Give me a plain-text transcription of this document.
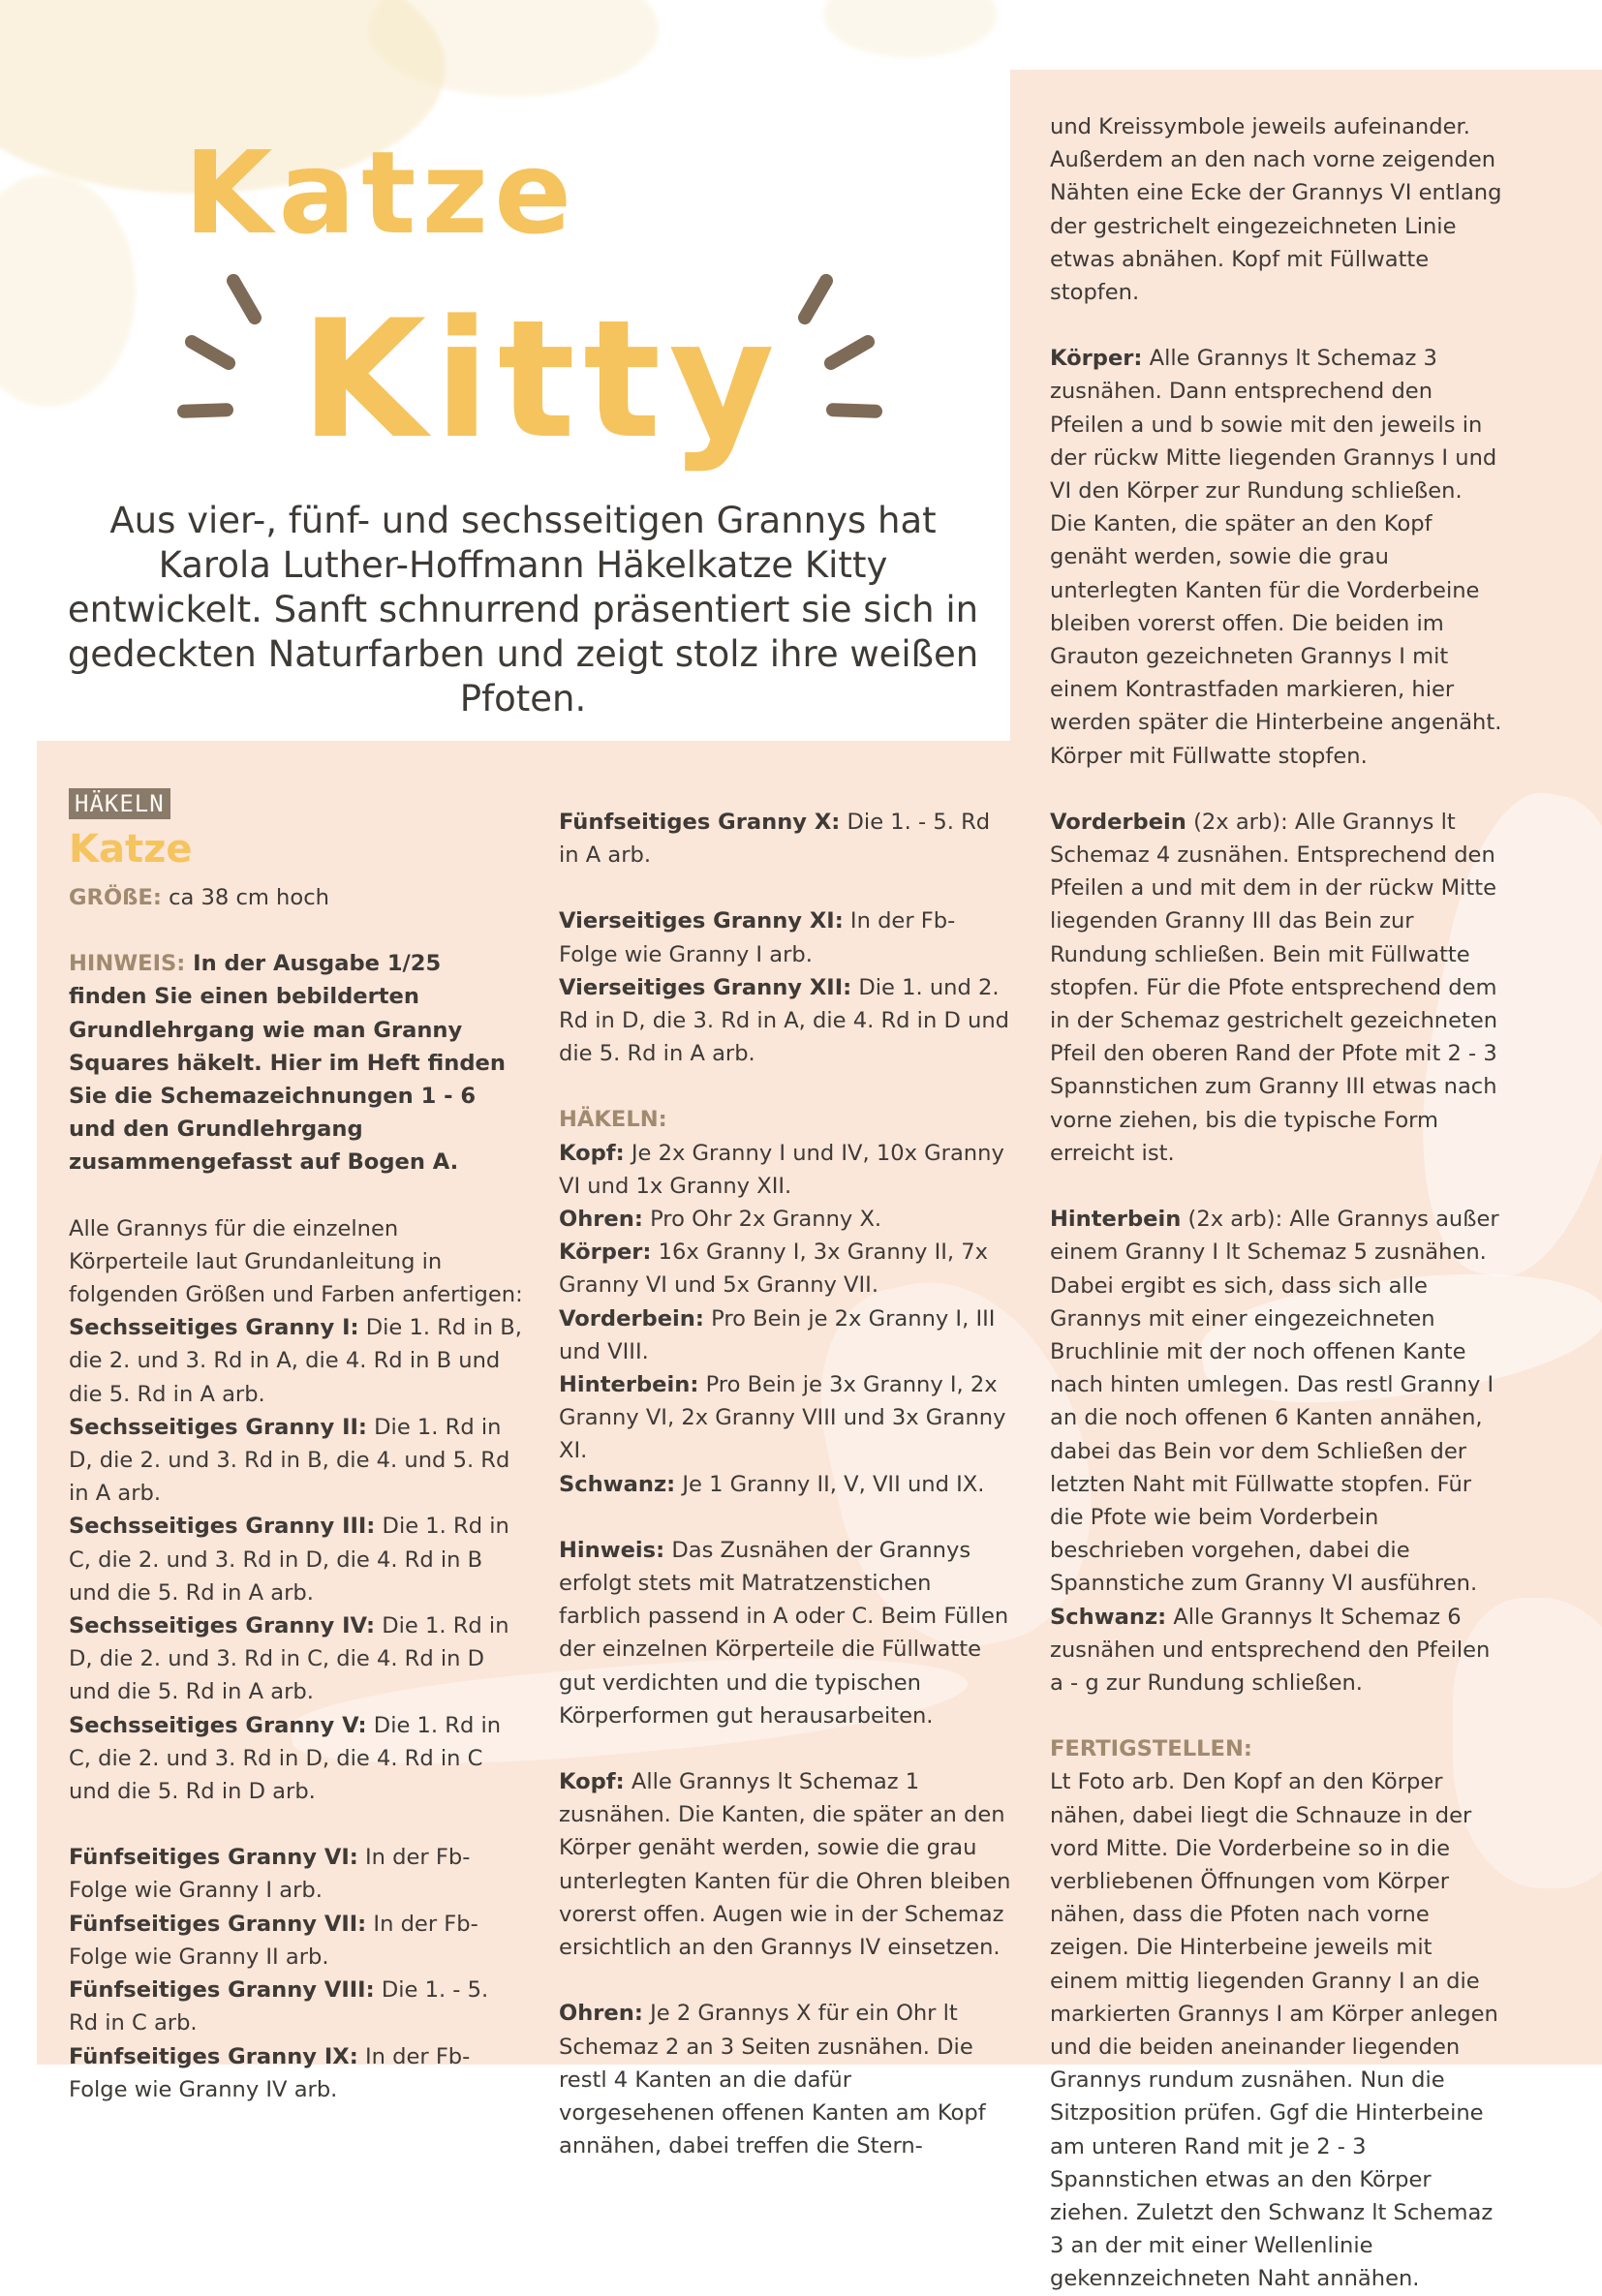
Katze
Kitty

Aus vier-, fünf- und sechsseitigen Grannys hat Karola Luther-Hoffmann Häkelkatze Kitty entwickelt. Sanft schnurrend präsentiert sie sich in gedeckten Naturfarben und zeigt stolz ihre weißen Pfoten.

HÄKELN
Katze

GRÖßE: ca 38 cm hoch

HINWEIS: In der Ausgabe 1/25 finden Sie einen bebilderten Grundlehrgang wie man Granny Squares häkelt. Hier im Heft finden Sie die Schemazeichnungen 1 - 6 und den Grundlehrgang zusammengefasst auf Bogen A.

Alle Grannys für die einzelnen Körperteile laut Grundanleitung in folgenden Größen und Farben anfertigen:

Sechsseitiges Granny I: Die 1. Rd in B, die 2. und 3. Rd in A, die 4. Rd in B und die 5. Rd in A arb.

Sechsseitiges Granny II: Die 1. Rd in D, die 2. und 3. Rd in B, die 4. und 5. Rd in A arb.

Sechsseitiges Granny III: Die 1. Rd in C, die 2. und 3. Rd in D, die 4. Rd in B und die 5. Rd in A arb.

Sechsseitiges Granny IV: Die 1. Rd in D, die 2. und 3. Rd in C, die 4. Rd in D und die 5. Rd in A arb.

Sechsseitiges Granny V: Die 1. Rd in C, die 2. und 3. Rd in D, die 4. Rd in C und die 5. Rd in D arb.

Fünfseitiges Granny VI: In der Fb-Folge wie Granny I arb.

Fünfseitiges Granny VII: In der Fb-Folge wie Granny II arb.

Fünfseitiges Granny VIII: Die 1. - 5. Rd in C arb.

Fünfseitiges Granny IX: In der Fb-Folge wie Granny IV arb.

Fünfseitiges Granny X: Die 1. - 5. Rd in A arb.

Vierseitiges Granny XI: In der Fb-Folge wie Granny I arb.

Vierseitiges Granny XII: Die 1. und 2. Rd in D, die 3. Rd in A, die 4. Rd in D und die 5. Rd in A arb.

HÄKELN:

Kopf: Je 2x Granny I und IV, 10x Granny VI und 1x Granny XII.

Ohren: Pro Ohr 2x Granny X.

Körper: 16x Granny I, 3x Granny II, 7x Granny VI und 5x Granny VII.

Vorderbein: Pro Bein je 2x Granny I, III und VIII.

Hinterbein: Pro Bein je 3x Granny I, 2x Granny VI, 2x Granny VIII und 3x Granny XI.

Schwanz: Je 1 Granny II, V, VII und IX.

Hinweis: Das Zusnähen der Grannys erfolgt stets mit Matratzenstichen farblich passend in A oder C. Beim Füllen der einzelnen Körperteile die Füllwatte gut verdichten und die typischen Körperformen gut herausarbeiten.

Kopf: Alle Grannys lt Schemaz 1 zusnähen. Die Kanten, die später an den Körper genäht werden, sowie die grau unterlegten Kanten für die Ohren bleiben vorerst offen. Augen wie in der Schemaz ersichtlich an den Grannys IV einsetzen.

Ohren: Je 2 Grannys X für ein Ohr lt Schemaz 2 an 3 Seiten zusnähen. Die restl 4 Kanten an die dafür vorgesehenen offenen Kanten am Kopf annähen, dabei treffen die Stern-

und Kreissymbole jeweils aufeinander. Außerdem an den nach vorne zeigenden Nähten eine Ecke der Grannys VI entlang der gestrichelt eingezeichneten Linie etwas abnähen. Kopf mit Füllwatte stopfen.

Körper: Alle Grannys lt Schemaz 3 zusnähen. Dann entsprechend den Pfeilen a und b sowie mit den jeweils in der rückw Mitte liegenden Grannys I und VI den Körper zur Rundung schließen. Die Kanten, die später an den Kopf genäht werden, sowie die grau unterlegten Kanten für die Vorderbeine bleiben vorerst offen. Die beiden im Grauton gezeichneten Grannys I mit einem Kontrastfaden markieren, hier werden später die Hinterbeine angenäht. Körper mit Füllwatte stopfen.

Vorderbein (2x arb): Alle Grannys lt Schemaz 4 zusnähen. Entsprechend den Pfeilen a und mit dem in der rückw Mitte liegenden Granny III das Bein zur Rundung schließen. Bein mit Füllwatte stopfen. Für die Pfote entsprechend dem in der Schemaz gestrichelt gezeichneten Pfeil den oberen Rand der Pfote mit 2 - 3 Spannstichen zum Granny III etwas nach vorne ziehen, bis die typische Form erreicht ist.

Hinterbein (2x arb): Alle Grannys außer einem Granny I lt Schemaz 5 zusnähen. Dabei ergibt es sich, dass sich alle Grannys mit einer eingezeichneten Bruchlinie mit der noch offenen Kante nach hinten umlegen. Das restl Granny I an die noch offenen 6 Kanten annähen, dabei das Bein vor dem Schließen der letzten Naht mit Füllwatte stopfen. Für die Pfote wie beim Vorderbein beschrieben vorgehen, dabei die Spannstiche zum Granny VI ausführen.

Schwanz: Alle Grannys lt Schemaz 6 zusnähen und entsprechend den Pfeilen a - g zur Rundung schließen.

FERTIGSTELLEN:

Lt Foto arb. Den Kopf an den Körper nähen, dabei liegt die Schnauze in der vord Mitte. Die Vorderbeine so in die verbliebenen Öffnungen vom Körper nähen, dass die Pfoten nach vorne zeigen. Die Hinterbeine jeweils mit einem mittig liegenden Granny I an die markierten Grannys I am Körper anlegen und die beiden aneinander liegenden Grannys rundum zusnähen. Nun die Sitzposition prüfen. Ggf die Hinterbeine am unteren Rand mit je 2 - 3 Spannstichen etwas an den Körper ziehen. Zuletzt den Schwanz lt Schemaz 3 an der mit einer Wellenlinie gekennzeichneten Naht annähen.
